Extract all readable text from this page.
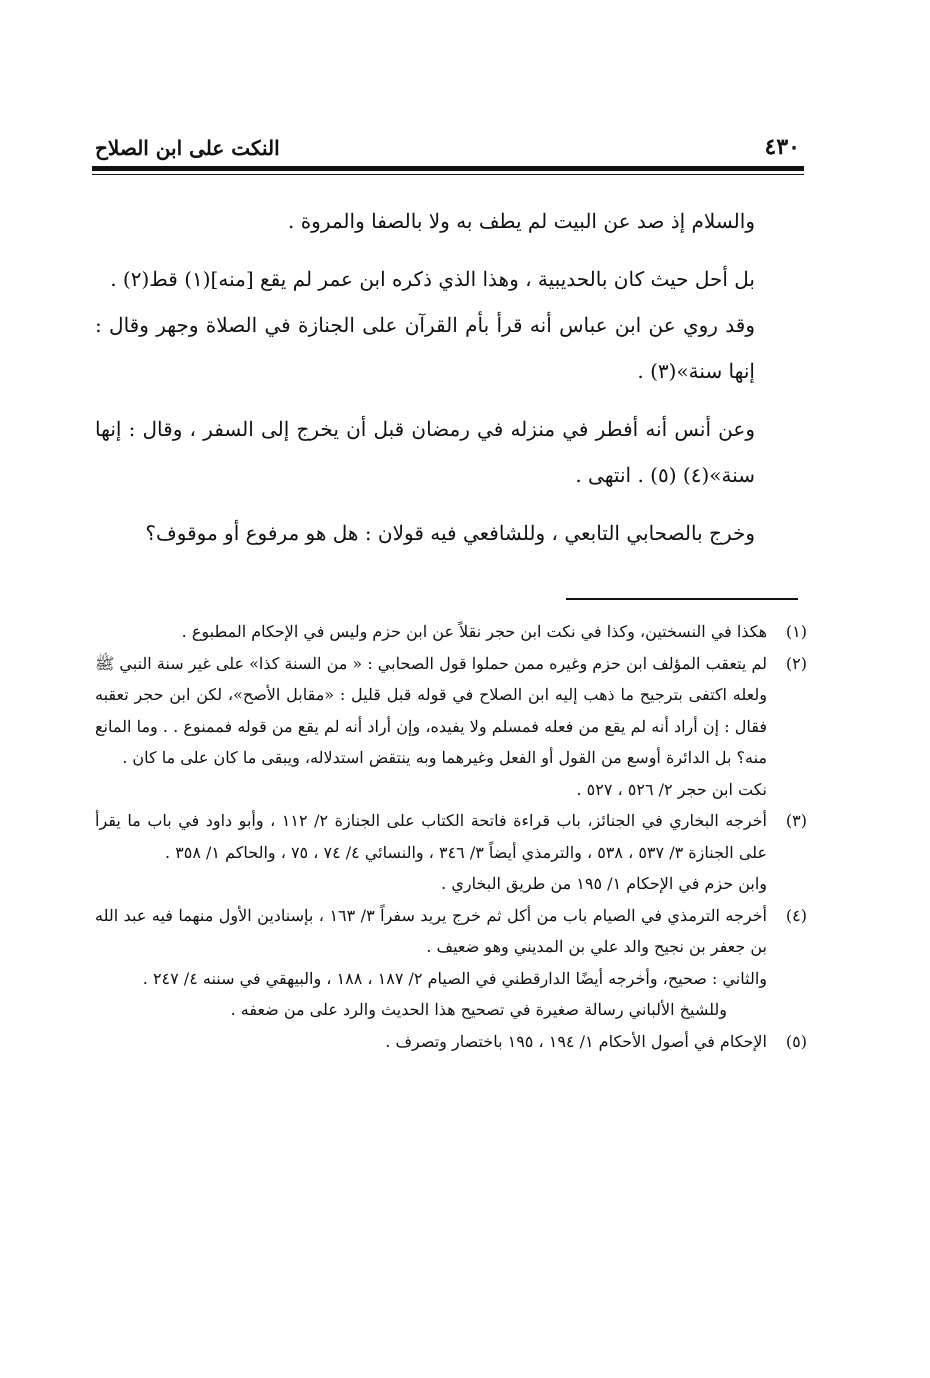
٤٣٠
النكت على ابن الصلاح

والسلام إذ صد عن البيت لم يطف به ولا بالصفا والمروة .

بل أحل حيث كان بالحديبية ، وهذا الذي ذكره ابن عمر لم يقع [منه](١) قط(٢) .

وقد روي عن ابن عباس أنه قرأ بأم القرآن على الجنازة في الصلاة وجهر وقال : إنها سنة»(٣) .

وعن أنس أنه أفطر في منزله في رمضان قبل أن يخرج إلى السفر ، وقال : إنها سنة»(٤) (٥) . انتهى .

وخرج بالصحابي التابعي ، وللشافعي فيه قولان : هل هو مرفوع أو موقوف؟

(١)
هكذا في النسختين، وكذا في نكت ابن حجر نقلاً عن ابن حزم وليس في الإحكام المطبوع .
(٢)
لم يتعقب المؤلف ابن حزم وغيره ممن حملوا قول الصحابي : « من السنة كذا» على غير سنة النبي ﷺ ولعله اكتفى بترجيح ما ذهب إليه ابن الصلاح في قوله قبل قليل : «مقابل الأصح»، لكن ابن حجر تعقبه فقال : إن أراد أنه لم يقع من فعله فمسلم ولا يفيده، وإن أراد أنه لم يقع من قوله فممنوع . . وما المانع منه؟ بل الدائرة أوسع من القول أو الفعل وغيرهما وبه ينتقض استدلاله، ويبقى ما كان على ما كان .
نكت ابن حجر ٢/ ٥٢٦ ، ٥٢٧ .
(٣)
أخرجه البخاري في الجنائز، باب قراءة فاتحة الكتاب على الجنازة ٢/ ١١٢ ، وأبو داود في باب ما يقرأ على الجنازة ٣/ ٥٣٧ ، ٥٣٨ ، والترمذي أيضاً ٣/ ٣٤٦ ، والنسائي ٤/ ٧٤ ، ٧٥ ، والحاكم ١/ ٣٥٨ .
وابن حزم في الإحكام ١/ ١٩٥ من طريق البخاري .
(٤)
أخرجه الترمذي في الصيام باب من أكل ثم خرج يريد سفراً ٣/ ١٦٣ ، بإسنادين الأول منهما فيه عبد الله بن جعفر بن نجيح والد علي بن المديني وهو ضعيف .
والثاني : صحيح، وأخرجه أيضًا الدارقطني في الصيام ٢/ ١٨٧ ، ١٨٨ ، والبيهقي في سننه ٤/ ٢٤٧ .
وللشيخ الألباني رسالة صغيرة في تصحيح هذا الحديث والرد على من ضعفه .
(٥)
الإحكام في أصول الأحكام ١/ ١٩٤ ، ١٩٥ باختصار وتصرف .
